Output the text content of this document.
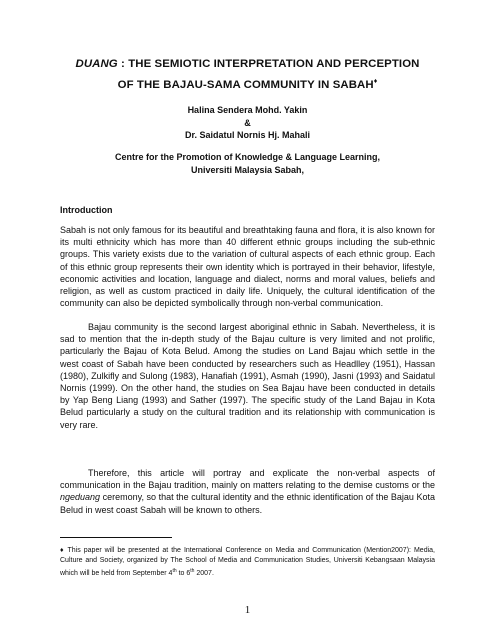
DUANG : THE SEMIOTIC INTERPRETATION AND PERCEPTION
OF THE BAJAU-SAMA COMMUNITY IN SABAH♦
Halina Sendera Mohd. Yakin
&
Dr. Saidatul Nornis Hj. Mahali
Centre for the Promotion of Knowledge & Language Learning,
Universiti Malaysia Sabah,
Introduction
Sabah is not only famous for its beautiful and breathtaking fauna and flora, it is also known for its multi ethnicity which has more than 40 different ethnic groups including the sub-ethnic groups. This variety exists due to the variation of cultural aspects of each ethnic group. Each of this ethnic group represents their own identity which is portrayed in their behavior, lifestyle, economic activities and location, language and dialect, norms and moral values, beliefs and religion, as well as custom practiced in daily life. Uniquely, the cultural identification of the community can also be depicted symbolically through non-verbal communication.
Bajau community is the second largest aboriginal ethnic in Sabah. Nevertheless, it is sad to mention that the in-depth study of the Bajau culture is very limited and not prolific, particularly the Bajau of Kota Belud. Among the studies on Land Bajau which settle in the west coast of Sabah have been conducted by researchers such as Headlley (1951), Hassan (1980), Zulkifly and Sulong (1983), Hanafiah (1991), Asmah (1990), Jasni (1993) and Saidatul Nornis (1999). On the other hand, the studies on Sea Bajau have been conducted in details by Yap Beng Liang (1993) and Sather (1997). The specific study of the Land Bajau in Kota Belud particularly a study on the cultural tradition and its relationship with communication is very rare.
Therefore, this article will portray and explicate the non-verbal aspects of communication in the Bajau tradition, mainly on matters relating to the demise customs or the ngeduang ceremony, so that the cultural identity and the ethnic identification of the Bajau Kota Belud in west coast Sabah will be known to others.
♦ This paper will be presented at the International Conference on Media and Communication (Mention2007): Media, Culture and Society, organized by The School of Media and Communication Studies, Universiti Kebangsaan Malaysia which will be held from September 4th to 6th 2007.
1
